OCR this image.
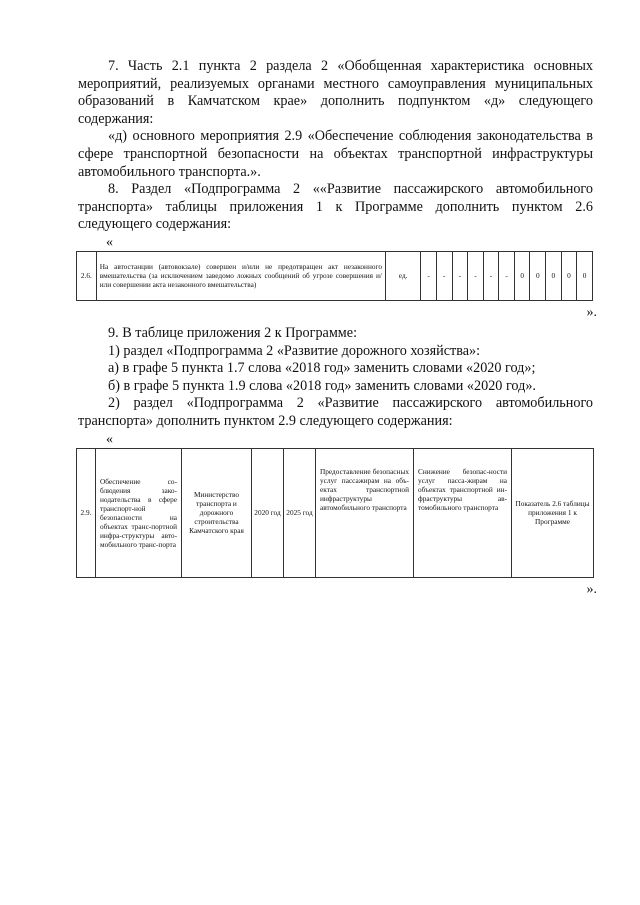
7. Часть 2.1 пункта 2 раздела 2 «Обобщенная характеристика основных мероприятий, реализуемых органами местного самоуправления муниципальных образований в Камчатском крае» дополнить подпунктом «д» следующего содержания:

«д) основного мероприятия 2.9 «Обеспечение соблюдения законодательства в сфере транспортной безопасности на объектах транспортной инфраструктуры автомобильного транспорта.».

8. Раздел «Подпрограмма 2 ««Развитие пассажирского автомобильного транспорта» таблицы приложения 1 к Программе дополнить пунктом 2.6 следующего содержания:

«
2.6.	На автостанции (автовокзале) совершен и/или не предотвращен акт незаконного вмешательства (за исключением заведомо ложных сообщений об угрозе совершения и/или совершении акта незаконного вмешательства)	ед.	-	-	-	-	-	-	0	0	0	0	0
».

9. В таблице приложения 2 к Программе:

1) раздел «Подпрограмма 2 «Развитие дорожного хозяйства»:

а) в графе 5 пункта 1.7 слова «2018 год» заменить словами «2020 год»;

б) в графе 5 пункта 1.9 слова «2018 год» заменить словами «2020 год».

2) раздел «Подпрограмма 2 «Развитие пассажирского автомобильного транспорта» дополнить пунктом 2.9 следующего содержания:

«
2.9.	Обеспечение со-блюдения зако-нодательства в сфере транспорт-ной безопасности на объектах транс-портной инфра-структуры авто-мобильного транс-порта	Министерство транспорта и дорожного строительства Камчатского края	2020 год	2025 год	Предоставление безопасных услуг пассажирам на объ-ектах транспортной инфраструктуры автомобильного транспорта	Снижение безопас-ности услуг пасса-жирам на объектах транспортной ин-фраструктуры ав-томобильного транспорта	Показатель 2.6 таблицы приложения 1 к Программе
».
